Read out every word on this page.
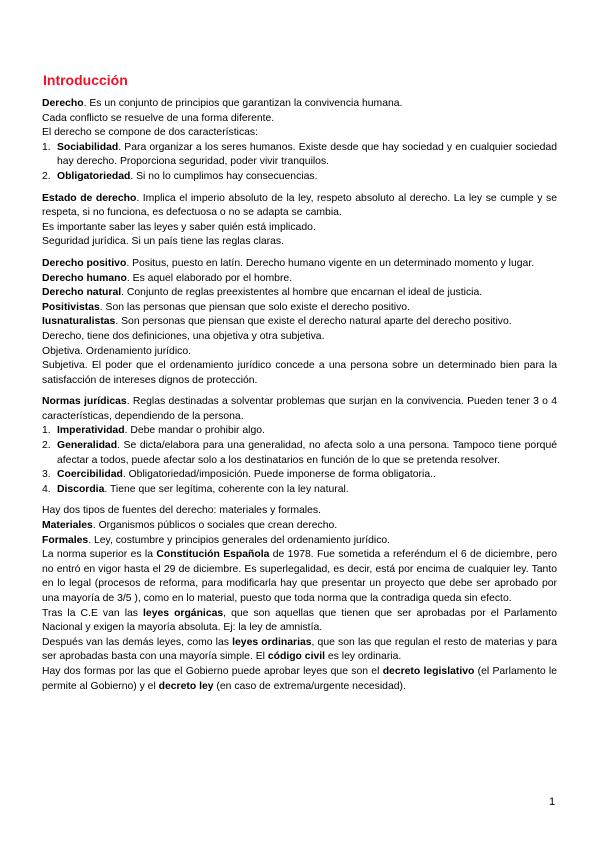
Introducción

Derecho. Es un conjunto de principios que garantizan la convivencia humana.

Cada conflicto se resuelve de una forma diferente.

El derecho se compone de dos características:

1. Sociabilidad. Para organizar a los seres humanos. Existe desde que hay sociedad y en cualquier sociedad hay derecho. Proporciona seguridad, poder vivir tranquilos.
2. Obligatoriedad. Si no lo cumplimos hay consecuencias.

Estado de derecho. Implica el imperio absoluto de la ley, respeto absoluto al derecho. La ley se cumple y se respeta, si no funciona, es defectuosa o no se adapta se cambia.

Es importante saber las leyes y saber quién está implicado.

Seguridad jurídica. Si un país tiene las reglas claras.

Derecho positivo. Positus, puesto en latín. Derecho humano vigente en un determinado momento y lugar.

Derecho humano. Es aquel elaborado por el hombre.

Derecho natural. Conjunto de reglas preexistentes al hombre que encarnan el ideal de justicia.

Positivistas. Son las personas que piensan que solo existe el derecho positivo.

Iusnaturalistas. Son personas que piensan que existe el derecho natural aparte del derecho positivo.

Derecho, tiene dos definiciones, una objetiva y otra subjetiva.

Objetiva. Ordenamiento jurídico.

Subjetiva. El poder que el ordenamiento jurídico concede a una persona sobre un determinado bien para la satisfacción de intereses dignos de protección.

Normas jurídicas. Reglas destinadas a solventar problemas que surjan en la convivencia. Pueden tener 3 o 4 características, dependiendo de la persona.

1. Imperatividad. Debe mandar o prohibir algo.
2. Generalidad. Se dicta/elabora para una generalidad, no afecta solo a una persona. Tampoco tiene porqué afectar a todos, puede afectar solo a los destinatarios en función de lo que se pretenda resolver.
3. Coercibilidad. Obligatoriedad/imposición. Puede imponerse de forma obligatoria..
4. Discordia. Tiene que ser legítima, coherente con la ley natural.

Hay dos tipos de fuentes del derecho: materiales y formales.

Materiales. Organismos públicos o sociales que crean derecho.

Formales. Ley, costumbre y principios generales del ordenamiento jurídico.

La norma superior es la Constitución Española de 1978. Fue sometida a referéndum el 6 de diciembre, pero no entró en vigor hasta el 29 de diciembre. Es superlegalidad, es decir, está por encima de cualquier ley. Tanto en lo legal (procesos de reforma, para modificarla hay que presentar un proyecto que debe ser aprobado por una mayoría de 3/5 ), como en lo material, puesto que toda norma que la contradiga queda sin efecto.

Tras la C.E van las leyes orgánicas, que son aquellas que tienen que ser aprobadas por el Parlamento Nacional y exigen la mayoría absoluta. Ej: la ley de amnistía.

Después van las demás leyes, como las leyes ordinarias, que son las que regulan el resto de materias y para ser aprobadas basta con una mayoría simple. El código civil es ley ordinaria.

Hay dos formas por las que el Gobierno puede aprobar leyes que son el decreto legislativo (el Parlamento le permite al Gobierno) y el decreto ley (en caso de extrema/urgente necesidad).

1
